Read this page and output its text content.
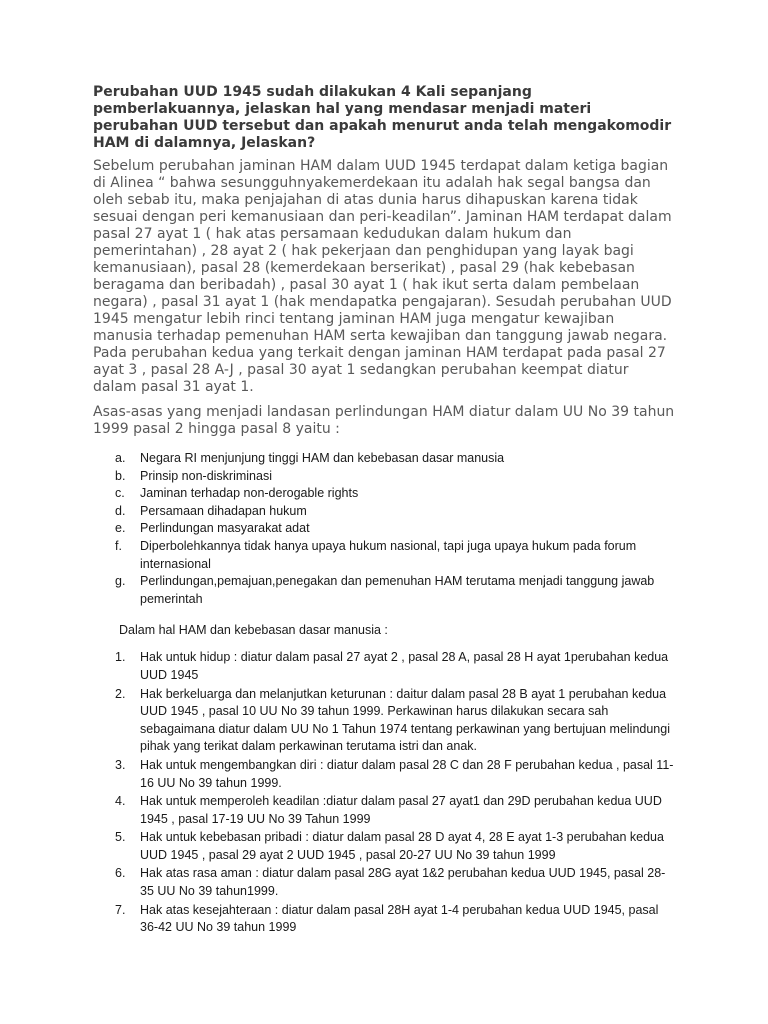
Perubahan UUD 1945 sudah dilakukan 4 Kali sepanjang pemberlakuannya, jelaskan hal yang mendasar menjadi materi perubahan UUD tersebut dan apakah menurut anda telah mengakomodir HAM di dalamnya, Jelaskan?

Sebelum perubahan jaminan HAM dalam UUD 1945 terdapat dalam ketiga bagian di Alinea “ bahwa sesungguhnyakemerdekaan itu adalah hak segal bangsa dan oleh sebab itu, maka penjajahan di atas dunia harus dihapuskan karena tidak sesuai dengan peri kemanusiaan dan peri-keadilan”. Jaminan HAM terdapat dalam pasal 27 ayat 1 ( hak atas persamaan kedudukan dalam hukum dan pemerintahan) , 28 ayat 2 ( hak pekerjaan dan penghidupan yang layak bagi kemanusiaan), pasal 28 (kemerdekaan berserikat) , pasal 29 (hak kebebasan beragama dan beribadah) , pasal 30 ayat 1 ( hak ikut serta dalam pembelaan negara) , pasal 31 ayat 1 (hak mendapatka pengajaran). Sesudah perubahan UUD 1945 mengatur lebih rinci tentang jaminan HAM juga mengatur kewajiban manusia terhadap pemenuhan HAM serta kewajiban dan tanggung jawab negara. Pada perubahan kedua yang terkait dengan jaminan HAM terdapat pada pasal 27 ayat 3 , pasal 28 A-J , pasal 30 ayat 1 sedangkan perubahan keempat diatur dalam pasal 31 ayat 1.

Asas-asas yang menjadi landasan perlindungan HAM diatur dalam UU No 39 tahun 1999 pasal 2 hingga pasal 8 yaitu :

a. Negara RI menjunjung tinggi HAM dan kebebasan dasar manusia
b. Prinsip non-diskriminasi
c. Jaminan terhadap non-derogable rights
d. Persamaan dihadapan hukum
e. Perlindungan masyarakat adat
f. Diperbolehkannya tidak hanya upaya hukum nasional, tapi juga upaya hukum pada forum internasional
g. Perlindungan,pemajuan,penegakan dan pemenuhan HAM terutama menjadi tanggung jawab pemerintah

Dalam hal HAM dan kebebasan dasar manusia :

1. Hak untuk hidup : diatur dalam pasal 27 ayat 2 , pasal 28 A, pasal 28 H ayat 1perubahan kedua UUD 1945
2. Hak berkeluarga dan melanjutkan keturunan : daitur dalam pasal 28 B ayat 1 perubahan kedua UUD 1945 , pasal 10 UU No 39 tahun 1999. Perkawinan harus dilakukan secara sah sebagaimana diatur dalam UU No 1 Tahun 1974 tentang perkawinan yang bertujuan melindungi pihak yang terikat dalam perkawinan terutama istri dan anak.
3. Hak untuk mengembangkan diri : diatur dalam pasal 28 C dan 28 F perubahan kedua , pasal 11-16 UU No 39 tahun 1999.
4. Hak untuk memperoleh keadilan :diatur dalam pasal 27 ayat1 dan 29D perubahan kedua UUD 1945 , pasal 17-19 UU No 39 Tahun 1999
5. Hak untuk kebebasan pribadi : diatur dalam pasal 28 D ayat 4, 28 E ayat 1-3 perubahan kedua UUD 1945 , pasal 29 ayat 2 UUD 1945 , pasal 20-27 UU No 39 tahun 1999
6. Hak atas rasa aman : diatur dalam pasal 28G ayat 1&2 perubahan kedua UUD 1945, pasal 28-35 UU No 39 tahun1999.
7. Hak atas kesejahteraan : diatur dalam pasal 28H ayat 1-4 perubahan kedua UUD 1945, pasal 36-42 UU No 39 tahun 1999
